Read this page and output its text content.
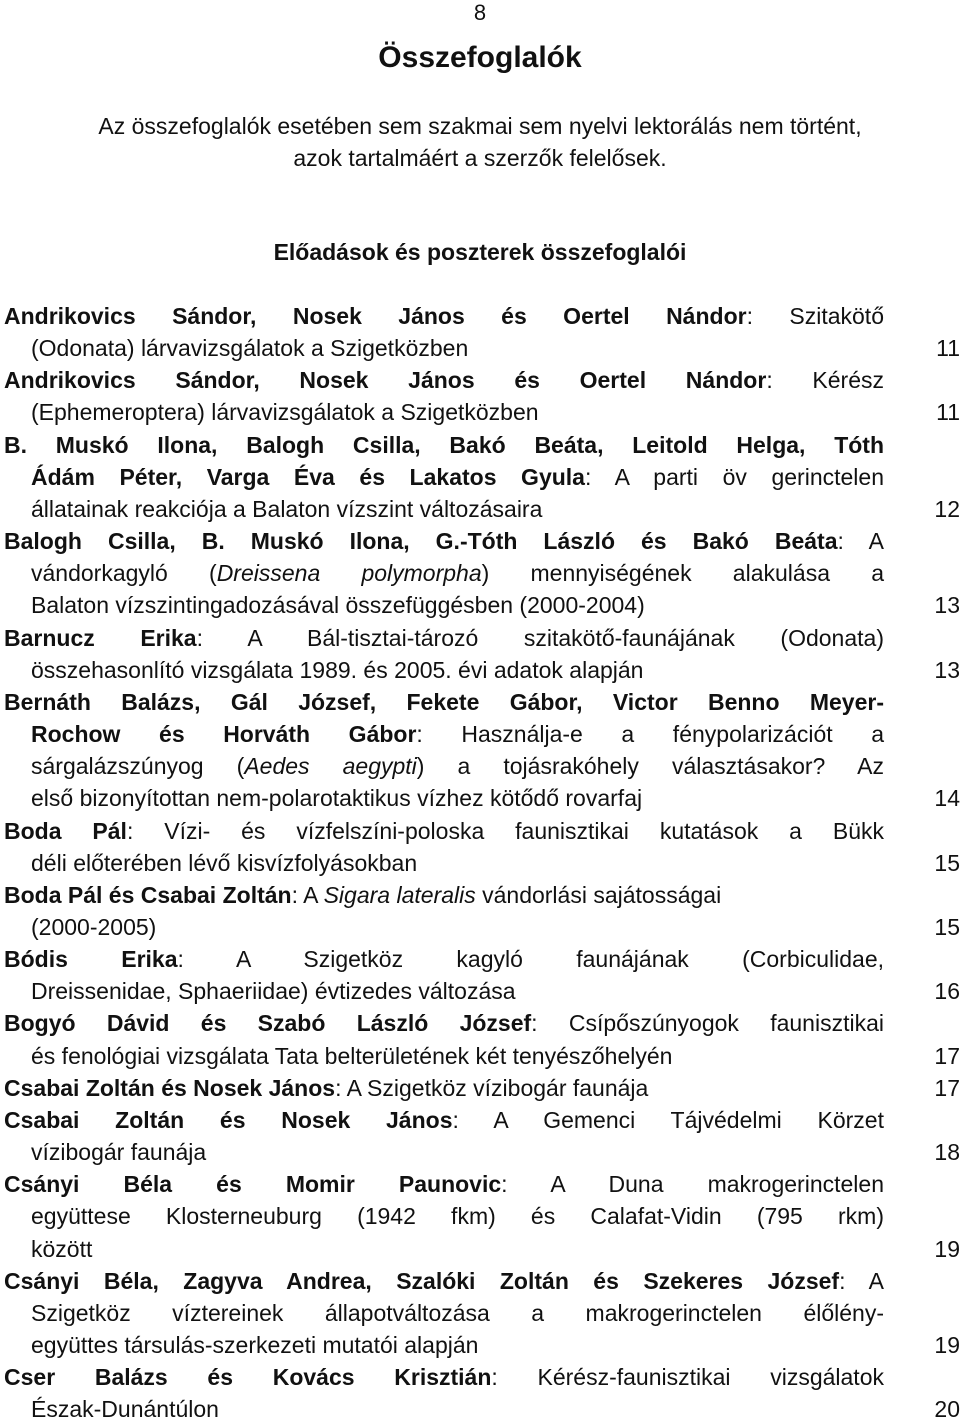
8
Összefoglalók
Az összefoglalók esetében sem szakmai sem nyelvi lektorálás nem történt,
azok tartalmáért a szerzők felelősek.
Előadások és poszterek összefoglalói
Andrikovics Sándor, Nosek János és Oertel Nándor: Szitakötő
(Odonata) lárvavizsgálatok a Szigetközben	11
Andrikovics Sándor, Nosek János és Oertel Nándor: Kérész
(Ephemeroptera) lárvavizsgálatok a Szigetközben	11
B. Muskó Ilona, Balogh Csilla, Bakó Beáta, Leitold Helga, Tóth
Ádám Péter, Varga Éva és Lakatos Gyula: A parti öv gerinctelen
állatainak reakciója a Balaton vízszint változásaira	12
Balogh Csilla, B. Muskó Ilona, G.-Tóth László és Bakó Beáta: A
vándorkagyló (Dreissena polymorpha) mennyiségének alakulása a
Balaton vízszintingadozásával összefüggésben (2000-2004)	13
Barnucz Erika: A Bál-tisztai-tározó szitakötő-faunájának (Odonata)
összehasonlító vizsgálata 1989. és 2005. évi adatok alapján	13
Bernáth Balázs, Gál József, Fekete Gábor, Victor Benno Meyer-
Rochow és Horváth Gábor: Használja-e a fénypolarizációt a
sárgalázszúnyog (Aedes aegypti) a tojásrakóhely választásakor? Az
első bizonyítottan nem-polarotaktikus vízhez kötődő rovarfaj	14
Boda Pál: Vízi- és vízfelszíni-poloska faunisztikai kutatások a Bükk
déli előterében lévő kisvízfolyásokban	15
Boda Pál és Csabai Zoltán: A Sigara lateralis vándorlási sajátosságai
(2000-2005)	15
Bódis Erika: A Szigetköz kagyló faunájának (Corbiculidae,
Dreissenidae, Sphaeriidae) évtizedes változása	16
Bogyó Dávid és Szabó László József: Csípőszúnyogok faunisztikai
és fenológiai vizsgálata Tata belterületének két tenyészőhelyén	17
Csabai Zoltán és Nosek János: A Szigetköz vízibogár faunája	17
Csabai Zoltán és Nosek János: A Gemenci Tájvédelmi Körzet
vízibogár faunája	18
Csányi Béla és Momir Paunovic: A Duna makrogerinctelen
együttese Klosterneuburg (1942 fkm) és Calafat-Vidin (795 rkm)
között	19
Csányi Béla, Zagyva Andrea, Szalóki Zoltán és Szekeres József: A
Szigetköz víztereinek állapotváltozása a makrogerinctelen élőlény-
együttes társulás-szerkezeti mutatói alapján	19
Cser Balázs és Kovács Krisztián: Kérész-faunisztikai vizsgálatok
Észak-Dunántúlon	20
